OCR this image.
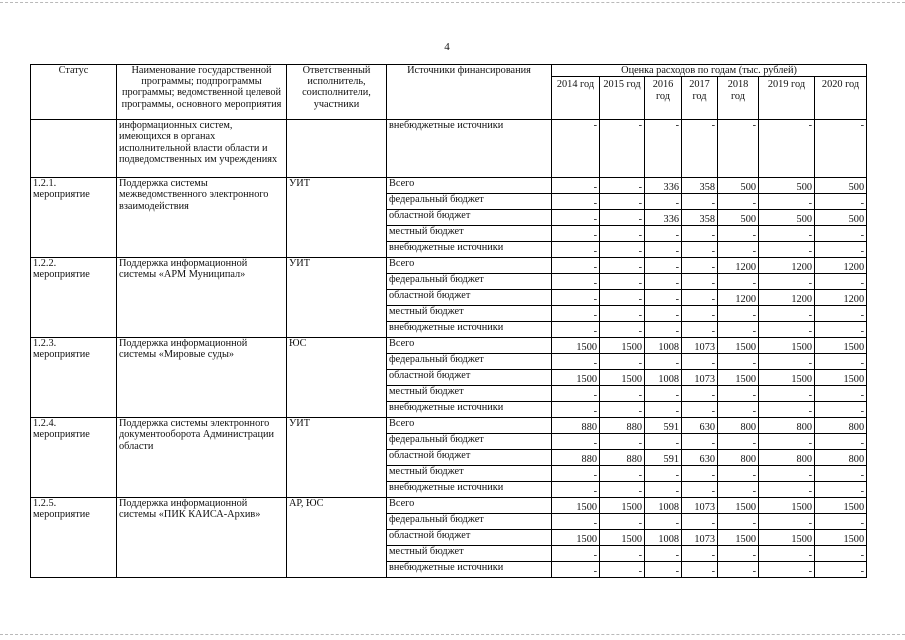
4
Статус	Наименование государственной программы; подпрограммы программы; ведомственной целевой программы, основного мероприятия	Ответственный исполнитель, соисполнители, участники	Источники финансирования	Оценка расходов по годам (тыс. рублей)						
				2014 год	2015 год	2016 год	2017 год	2018 год	2019 год	2020 год
	информационных систем, имеющихся в органах исполнительной власти области и подведомственных им учреждениях		внебюджетные источники	-	-	-	-	-	-	-
1.2.1. мероприятие	Поддержка системы межведомственного электронного взаимодействия	УИТ	Всего	-	-	336	358	500	500	500
			федеральный бюджет	-	-	-	-	-	-	-
			областной бюджет	-	-	336	358	500	500	500
			местный бюджет	-	-	-	-	-	-	-
			внебюджетные источники	-	-	-	-	-	-	-
1.2.2. мероприятие	Поддержка информационной системы «АРМ Муниципал»	УИТ	Всего	-	-	-	-	1200	1200	1200
			федеральный бюджет	-	-	-	-	-	-	-
			областной бюджет	-	-	-	-	1200	1200	1200
			местный бюджет	-	-	-	-	-	-	-
			внебюджетные источники	-	-	-	-	-	-	-
1.2.3. мероприятие	Поддержка информационной системы «Мировые суды»	ЮС	Всего	1500	1500	1008	1073	1500	1500	1500
			федеральный бюджет	-	-	-	-	-	-	-
			областной бюджет	1500	1500	1008	1073	1500	1500	1500
			местный бюджет	-	-	-	-	-	-	-
			внебюджетные источники	-	-	-	-	-	-	-
1.2.4. мероприятие	Поддержка системы электронного документооборота Администрации области	УИТ	Всего	880	880	591	630	800	800	800
			федеральный бюджет	-	-	-	-	-	-	-
			областной бюджет	880	880	591	630	800	800	800
			местный бюджет	-	-	-	-	-	-	-
			внебюджетные источники	-	-	-	-	-	-	-
1.2.5. мероприятие	Поддержка информационной системы «ПИК КАИСА-Архив»	АР, ЮС	Всего	1500	1500	1008	1073	1500	1500	1500
			федеральный бюджет	-	-	-	-	-	-	-
			областной бюджет	1500	1500	1008	1073	1500	1500	1500
			местный бюджет	-	-	-	-	-	-	-
			внебюджетные источники	-	-	-	-	-	-	-
